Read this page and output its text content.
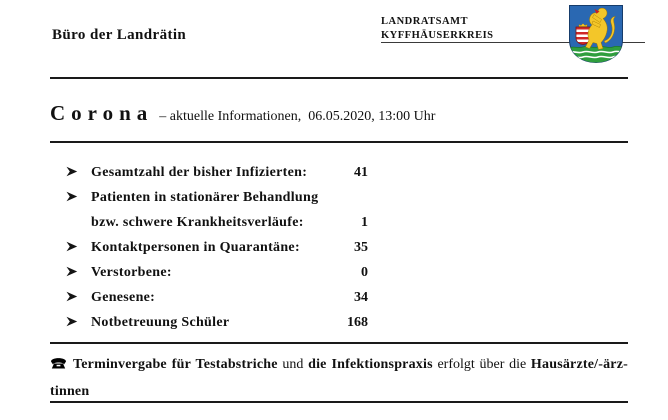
Büro der Landrätin
LANDRATSAMT
KYFFHÄUSERKREIS
Corona – aktuelle Informationen,  06.05.2020, 13:00 Uhr
Gesamtzahl der bisher Infizierten:	41
Patienten in stationärer Behandlung
bzw. schwere Krankheitsverläufe:	1
Kontaktpersonen in Quarantäne:	35
Verstorbene:	0
Genesene:	34
Notbetreuung Schüler	168
Terminvergabe für Testabstriche und die Infektionspraxis erfolgt über die Hausärzte/-ärz-
tinnen
